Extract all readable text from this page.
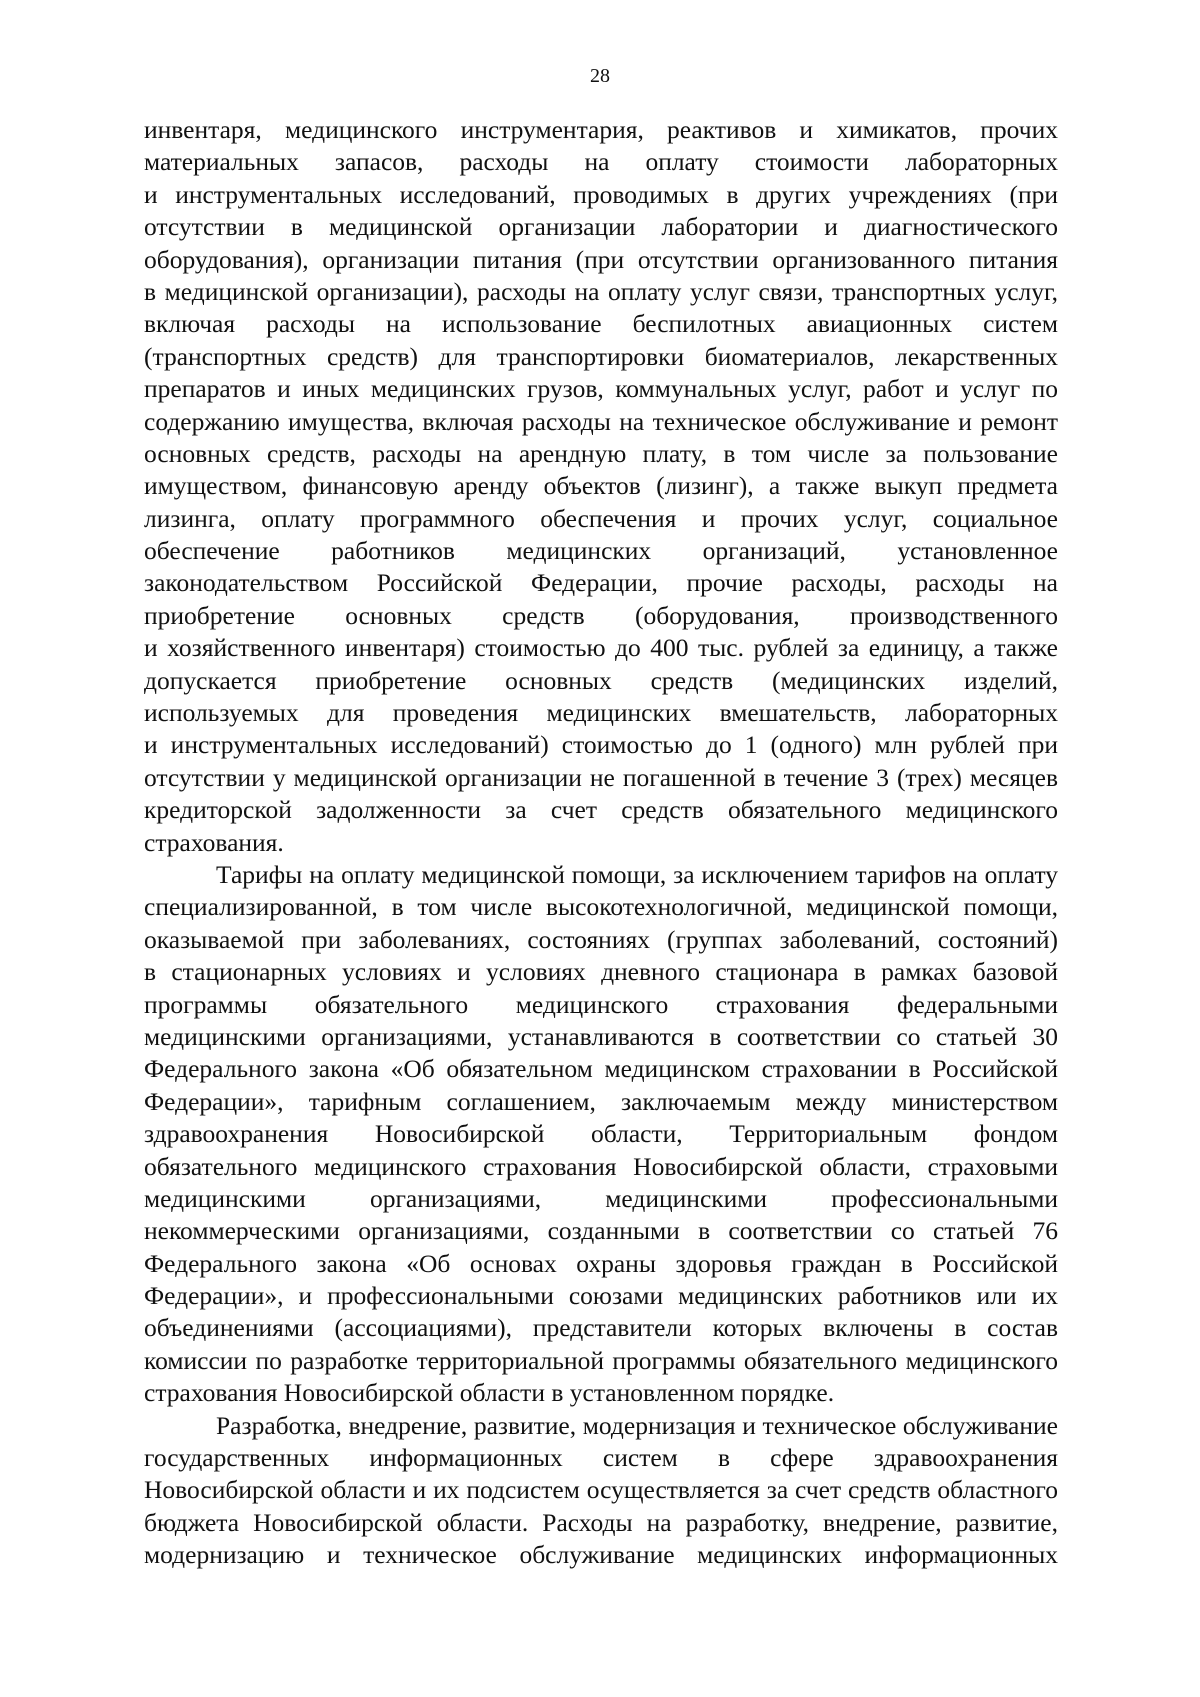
28
инвентаря, медицинского инструментария, реактивов и химикатов, прочих
материальных запасов, расходы на оплату стоимости лабораторных
и инструментальных исследований, проводимых в других учреждениях (при
отсутствии в медицинской организации лаборатории и диагностического
оборудования), организации питания (при отсутствии организованного питания
в медицинской организации), расходы на оплату услуг связи, транспортных услуг,
включая расходы на использование беспилотных авиационных систем
(транспортных средств) для транспортировки биоматериалов, лекарственных
препаратов и иных медицинских грузов, коммунальных услуг, работ и услуг по
содержанию имущества, включая расходы на техническое обслуживание и ремонт
основных средств, расходы на арендную плату, в том числе за пользование
имуществом, финансовую аренду объектов (лизинг), а также выкуп предмета
лизинга, оплату программного обеспечения и прочих услуг, социальное
обеспечение работников медицинских организаций, установленное
законодательством Российской Федерации, прочие расходы, расходы на
приобретение основных средств (оборудования, производственного
и хозяйственного инвентаря) стоимостью до 400 тыс. рублей за единицу, а также
допускается приобретение основных средств (медицинских изделий,
используемых для проведения медицинских вмешательств, лабораторных
и инструментальных исследований) стоимостью до 1 (одного) млн рублей при
отсутствии у медицинской организации не погашенной в течение 3 (трех) месяцев
кредиторской задолженности за счет средств обязательного медицинского
страхования.
Тарифы на оплату медицинской помощи, за исключением тарифов на оплату
специализированной, в том числе высокотехнологичной, медицинской помощи,
оказываемой при заболеваниях, состояниях (группах заболеваний, состояний)
в стационарных условиях и условиях дневного стационара в рамках базовой
программы обязательного медицинского страхования федеральными
медицинскими организациями, устанавливаются в соответствии со статьей 30
Федерального закона «Об обязательном медицинском страховании в Российской
Федерации», тарифным соглашением, заключаемым между министерством
здравоохранения Новосибирской области, Территориальным фондом
обязательного медицинского страхования Новосибирской области, страховыми
медицинскими организациями, медицинскими профессиональными
некоммерческими организациями, созданными в соответствии со статьей 76
Федерального закона «Об основах охраны здоровья граждан в Российской
Федерации», и профессиональными союзами медицинских работников или их
объединениями (ассоциациями), представители которых включены в состав
комиссии по разработке территориальной программы обязательного медицинского
страхования Новосибирской области в установленном порядке.
Разработка, внедрение, развитие, модернизация и техническое обслуживание
государственных информационных систем в сфере здравоохранения
Новосибирской области и их подсистем осуществляется за счет средств областного
бюджета Новосибирской области. Расходы на разработку, внедрение, развитие,
модернизацию и техническое обслуживание медицинских информационных
